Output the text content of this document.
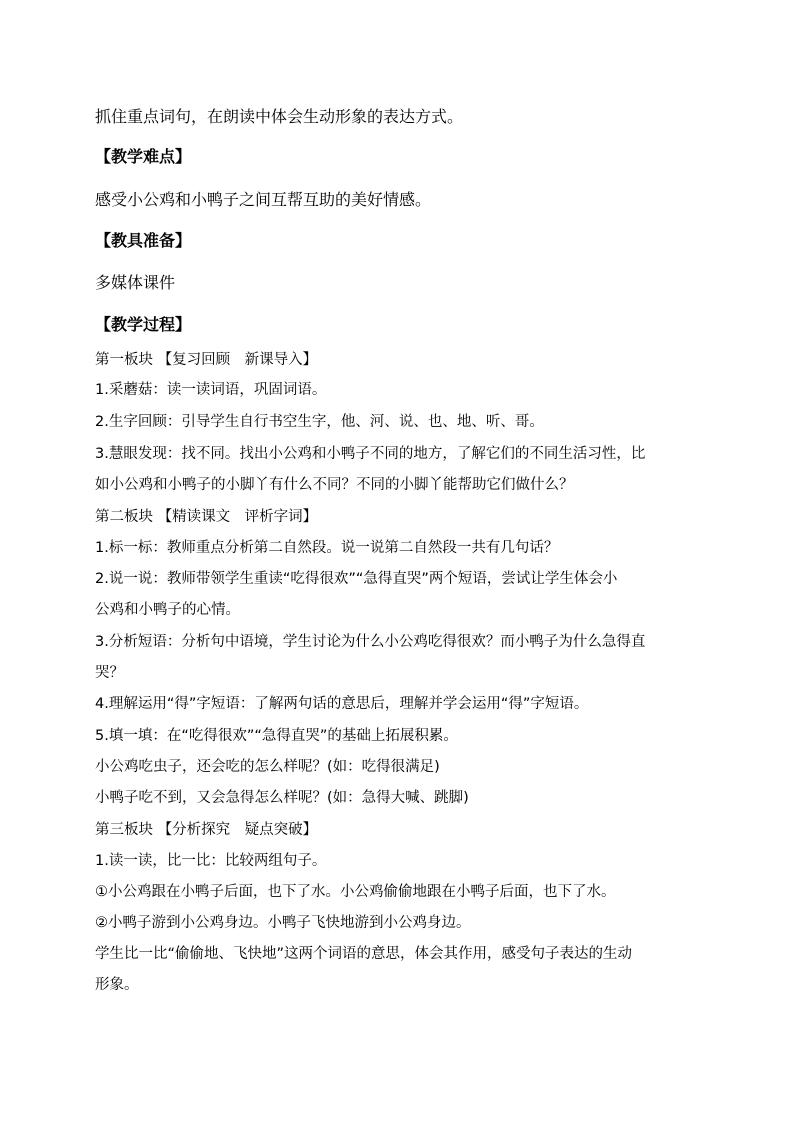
抓住重点词句，在朗读中体会生动形象的表达方式。
【教学难点】
感受小公鸡和小鸭子之间互帮互助的美好情感。
【教具准备】
多媒体课件
【教学过程】
第一板块 【复习回顾　新课导入】
1.采蘑菇：读一读词语，巩固词语。
2.生字回顾：引导学生自行书空生字，他、河、说、也、地、听、哥。
3.慧眼发现：找不同。找出小公鸡和小鸭子不同的地方，了解它们的不同生活习性，比
如小公鸡和小鸭子的小脚丫有什么不同？不同的小脚丫能帮助它们做什么？
第二板块 【精读课文　评析字词】
1.标一标：教师重点分析第二自然段。说一说第二自然段一共有几句话？
2.说一说：教师带领学生重读“吃得很欢”“急得直哭”两个短语，尝试让学生体会小
公鸡和小鸭子的心情。
3.分析短语：分析句中语境，学生讨论为什么小公鸡吃得很欢？而小鸭子为什么急得直
哭？
4.理解运用“得”字短语：了解两句话的意思后，理解并学会运用“得”字短语。
5.填一填：在“吃得很欢”“急得直哭”的基础上拓展积累。
小公鸡吃虫子，还会吃的怎么样呢？(如：吃得很满足)
小鸭子吃不到，又会急得怎么样呢？(如：急得大喊、跳脚)
第三板块 【分析探究　疑点突破】
1.读一读，比一比：比较两组句子。
①小公鸡跟在小鸭子后面，也下了水。小公鸡偷偷地跟在小鸭子后面，也下了水。
②小鸭子游到小公鸡身边。小鸭子飞快地游到小公鸡身边。
学生比一比“偷偷地、飞快地”这两个词语的意思，体会其作用，感受句子表达的生动
形象。
